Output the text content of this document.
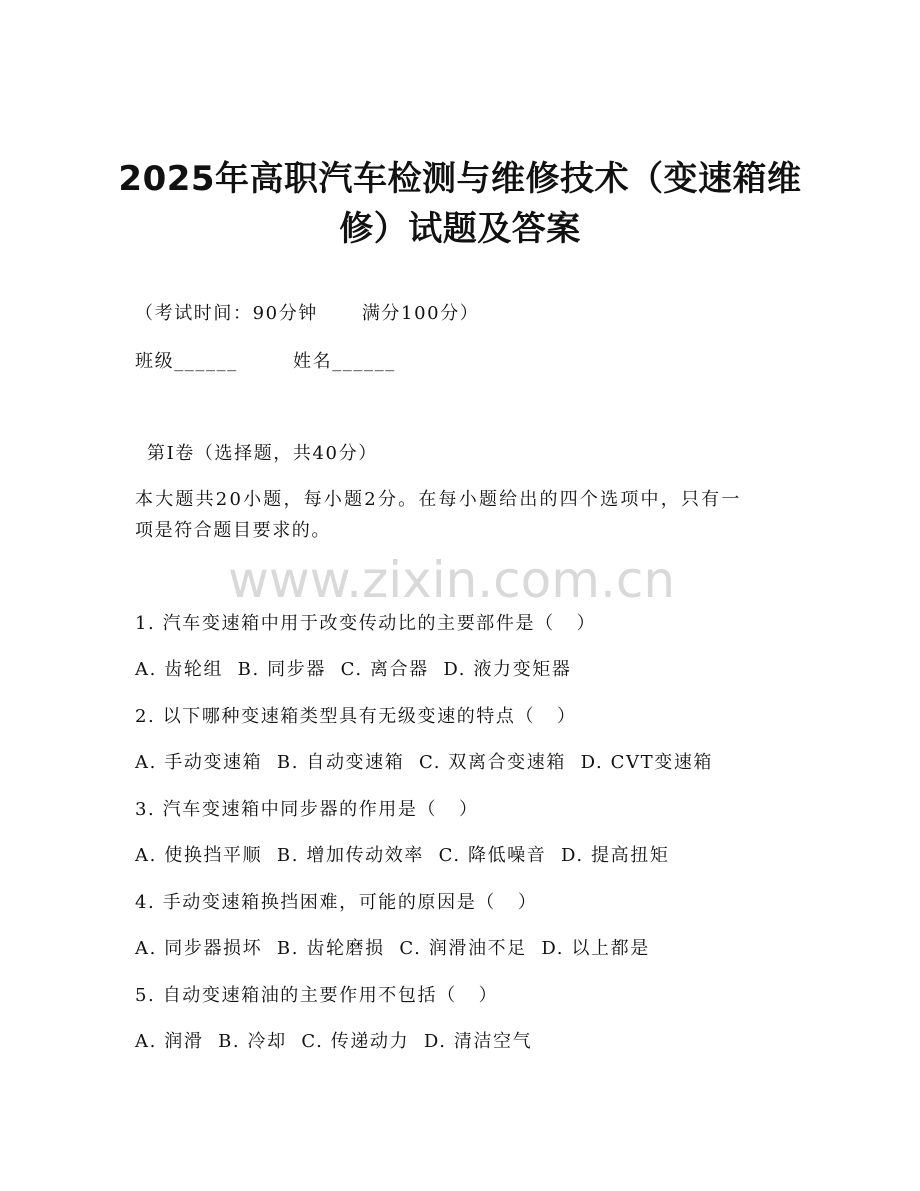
2025年高职汽车检测与维修技术（变速箱维
修）试题及答案
（考试时间：90分钟      满分100分）
班级______	姓名______
第I卷（选择题，共40分）
本大题共20小题，每小题2分。在每小题给出的四个选项中，只有一
项是符合题目要求的。
www.zixin.com.cn
1. 汽车变速箱中用于改变传动比的主要部件是（   ）
A. 齿轮组  B. 同步器  C. 离合器  D. 液力变矩器
2. 以下哪种变速箱类型具有无级变速的特点（   ）
A. 手动变速箱  B. 自动变速箱  C. 双离合变速箱  D. CVT变速箱
3. 汽车变速箱中同步器的作用是（   ）
A. 使换挡平顺  B. 增加传动效率  C. 降低噪音  D. 提高扭矩
4. 手动变速箱换挡困难，可能的原因是（   ）
A. 同步器损坏  B. 齿轮磨损  C. 润滑油不足  D. 以上都是
5. 自动变速箱油的主要作用不包括（   ）
A. 润滑  B. 冷却  C. 传递动力  D. 清洁空气
